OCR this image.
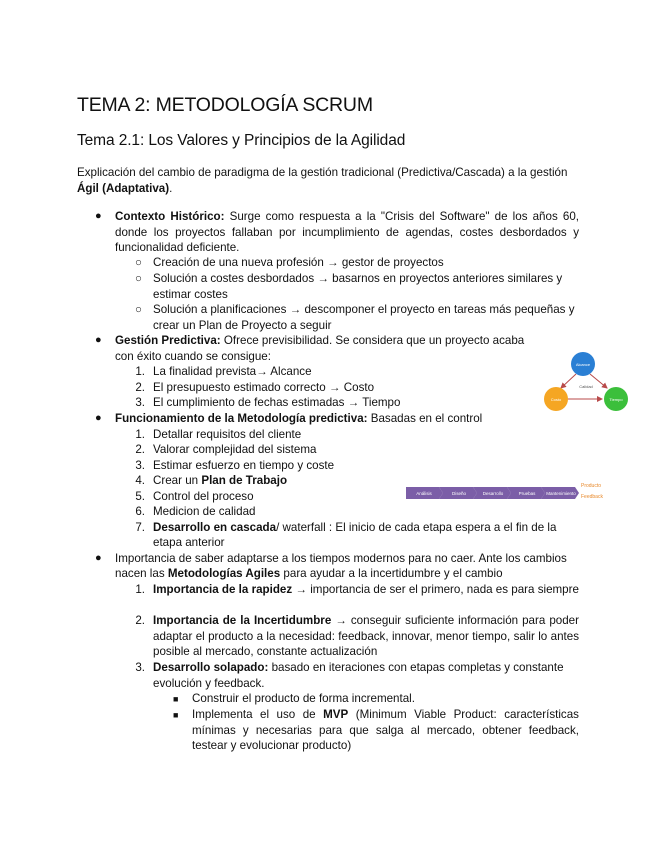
TEMA 2: METODOLOGÍA SCRUM
Tema 2.1: Los Valores y Principios de la Agilidad

Explicación del cambio de paradigma de la gestión tradicional (Predictiva/Cascada) a la gestión Ágil (Adaptativa).

● Contexto Histórico: Surge como respuesta a la "Crisis del Software" de los años 60, donde los proyectos fallaban por incumplimiento de agendas, costes desbordados y funcionalidad deficiente.
○ Creación de una nueva profesión → gestor de proyectos
○ Solución a costes desbordados → basarnos en proyectos anteriores similares y estimar costes
○ Solución a planificaciones → descomponer el proyecto en tareas más pequeñas y crear un Plan de Proyecto a seguir
● Gestión Predictiva: Ofrece previsibilidad. Se considera que un proyecto acaba
con éxito cuando se consigue:
1. La finalidad prevista→ Alcance
2. El presupuesto estimado correcto → Costo
3. El cumplimiento de fechas estimadas → Tiempo
Alcance
Costo	Tiempo
Calidad
● Funcionamiento de la Metodología predictiva: Basadas en el control
1. Detallar requisitos del cliente
2. Valorar complejidad del sistema
3. Estimar esfuerzo en tiempo y coste
4. Crear un Plan de Trabajo
5. Control del proceso
6. Medicion de calidad
7. Desarrollo en cascada/ waterfall : El inicio de cada etapa espera a el fin de la
etapa anterior
Análisis	Diseño	Desarrollo	Pruebas Mantenimiento
Producto
Feedback
● Importancia de saber adaptarse a los tiempos modernos para no caer. Ante los cambios
nacen las Metodologías Agiles para ayudar a la incertidumbre y el cambio
1. Importancia de la rapidez → importancia de ser el primero, nada es para siempre
2. Importancia de la Incertidumbre → conseguir suficiente información para poder adaptar el producto a la necesidad: feedback, innovar, menor tiempo, salir lo antes posible al mercado, constante actualización
3. Desarrollo solapado: basado en iteraciones con etapas completas y constante evolución y feedback.
■ Construir el producto de forma incremental.
■ Implementa el uso de MVP (Minimum Viable Product: características mínimas y necesarias para que salga al mercado, obtener feedback, testear y evolucionar producto)
